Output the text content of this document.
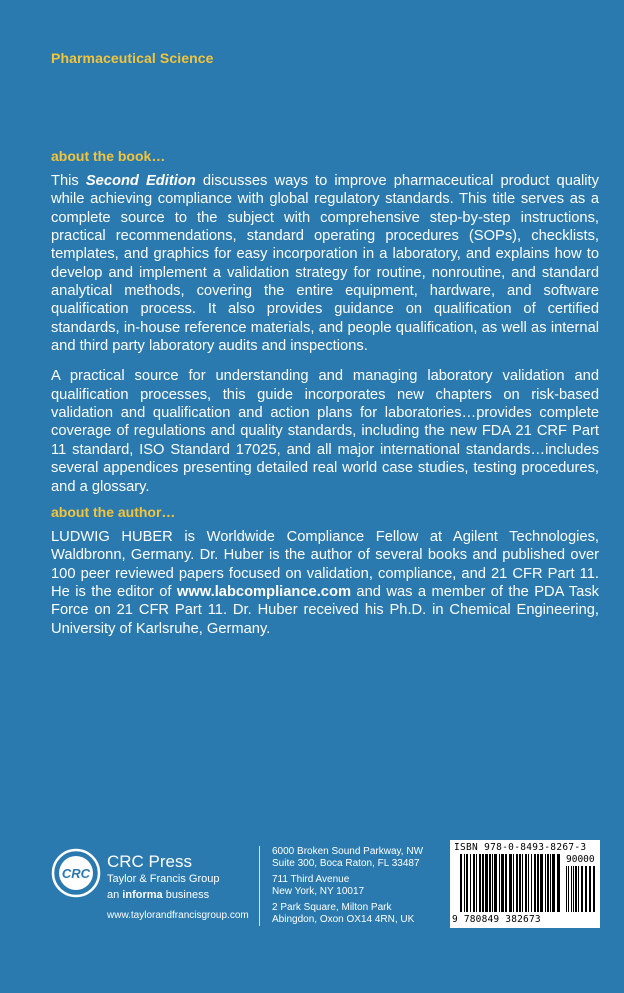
Pharmaceutical Science
about the book…

This Second Edition discusses ways to improve pharmaceutical product quality while achieving compliance with global regulatory standards. This title serves as a complete source to the subject with comprehensive step-by-step instructions, practical recommendations, standard operating procedures (SOPs), checklists, templates, and graphics for easy incorporation in a laboratory, and explains how to develop and implement a validation strategy for routine, nonroutine, and standard analytical methods, covering the entire equipment, hardware, and software qualification process. It also provides guidance on qualification of certified standards, in-house reference materials, and people qualification, as well as internal and third party laboratory audits and inspections.

A practical source for understanding and managing laboratory validation and qualification processes, this guide incorporates new chapters on risk-based validation and qualification and action plans for laboratories…provides complete coverage of regulations and quality standards, including the new FDA 21 CRF Part 11 standard, ISO Standard 17025, and all major international standards…includes several appendices presenting detailed real world case studies, testing procedures, and a glossary.

about the author…

LUDWIG HUBER is Worldwide Compliance Fellow at Agilent Technologies, Waldbronn, Germany. Dr. Huber is the author of several books and published over 100 peer reviewed papers focused on validation, compliance, and 21 CFR Part 11. He is the editor of www.labcompliance.com and was a member of the PDA Task Force on 21 CFR Part 11. Dr. Huber received his Ph.D. in Chemical Engineering, University of Karlsruhe, Germany.

CRC
CRC Press
Taylor & Francis Group
an informa business
www.taylorandfrancisgroup.com
6000 Broken Sound Parkway, NW
Suite 300, Boca Raton, FL 33487
711 Third Avenue
New York, NY 10017
2 Park Square, Milton Park
Abingdon, Oxon OX14 4RN, UK
ISBN 978-0-8493-8267-3
90000
9 780849 382673
